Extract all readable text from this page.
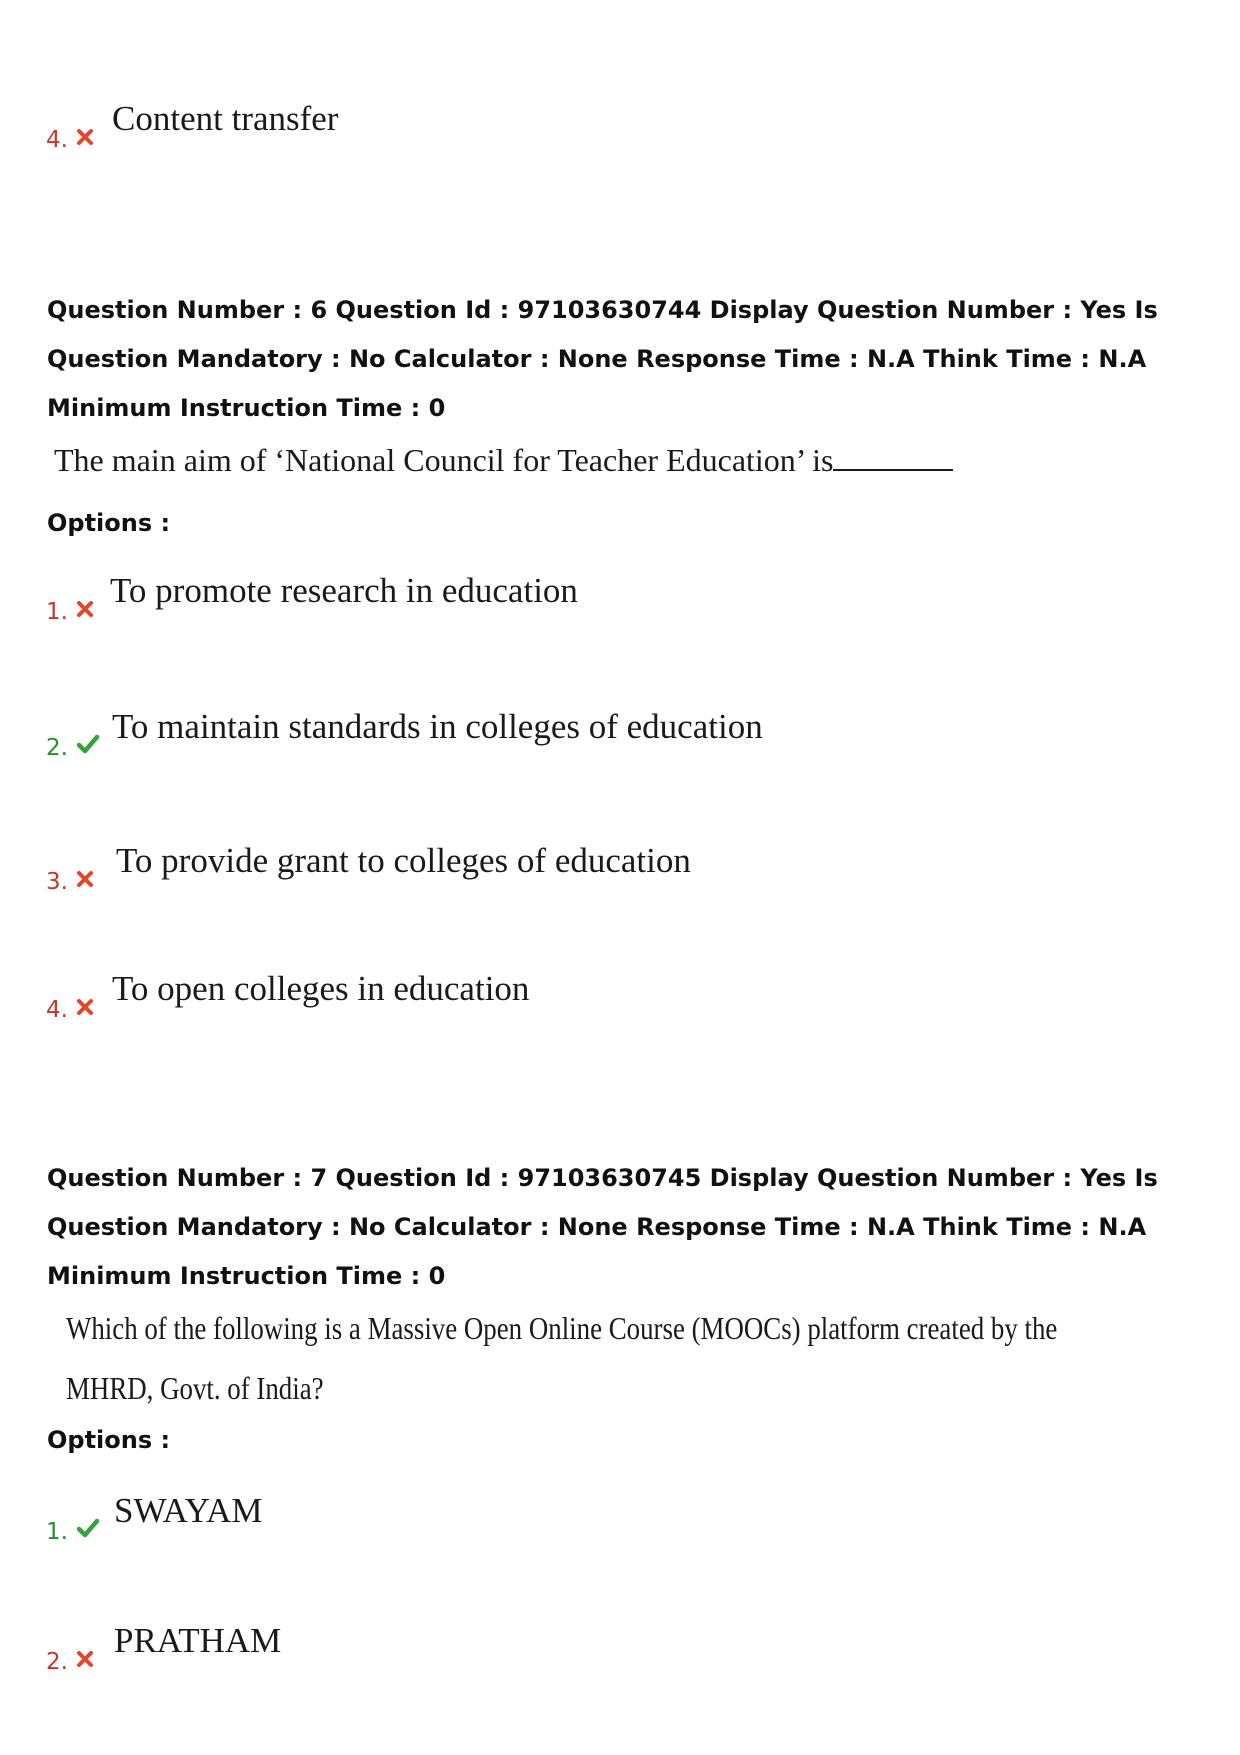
4.
Content transfer
Question Number : 6 Question Id : 97103630744 Display Question Number : Yes Is Question Mandatory : No Calculator : None Response Time : N.A Think Time : N.A Minimum Instruction Time : 0
The main aim of ‘National Council for Teacher Education’ is
Options :
1.
To promote research in education
2.
To maintain standards in colleges of education
3.
To provide grant to colleges of education
4.
To open colleges in education
Question Number : 7 Question Id : 97103630745 Display Question Number : Yes Is Question Mandatory : No Calculator : None Response Time : N.A Think Time : N.A Minimum Instruction Time : 0
Which of the following is a Massive Open Online Course (MOOCs) platform created by the
MHRD, Govt. of India?
Options :
1.
SWAYAM
2.
PRATHAM
